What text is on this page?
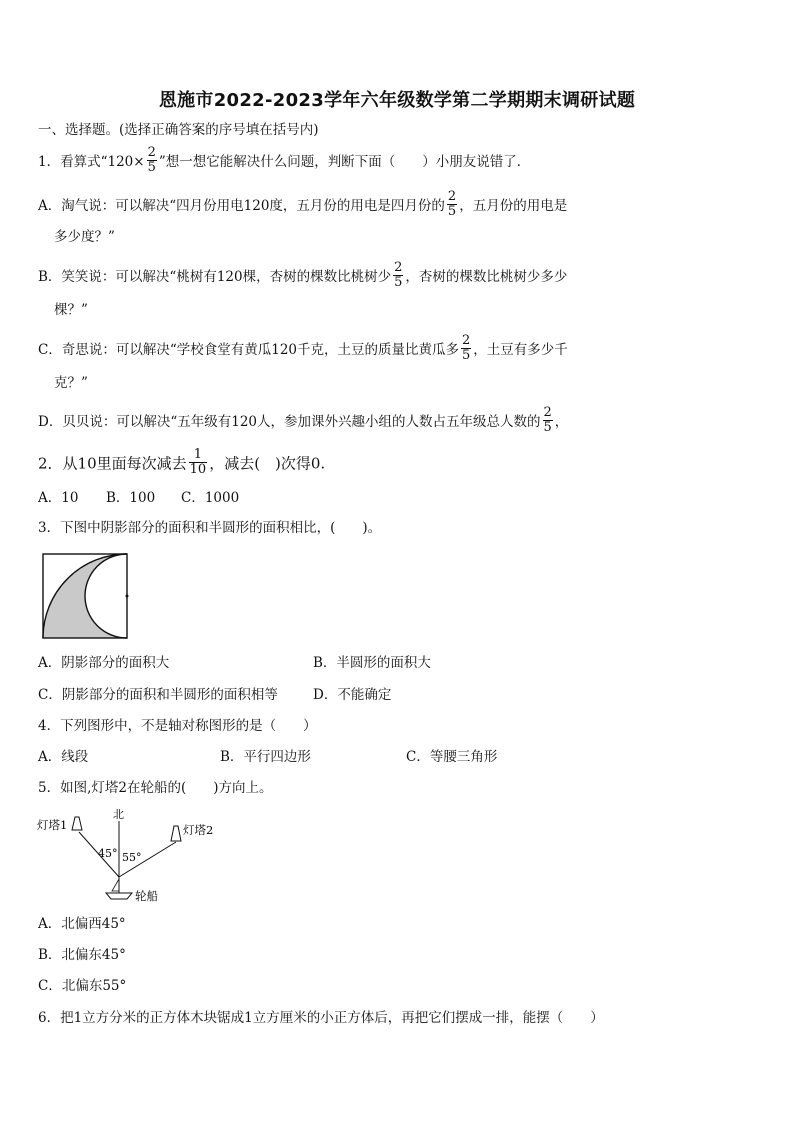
恩施市2022-2023学年六年级数学第二学期期末调研试题
一、选择题。(选择正确答案的序号填在括号内)
1．看算式“$120\times \frac{2}{5}$ ”想一想它能解决什么问题，判断下面（　　）小朋友说错了．
A．淘气说：可以解决“四月份用电120度，五月份的用电是四月份的 $\frac{2}{5}$ ，五月份的用电是
多少度？”
B．笑笑说：可以解决“桃树有120棵，杏树的棵数比桃树少 $\frac{2}{5}$ ，杏树的棵数比桃树少多少
棵？”
C．奇思说：可以解决“学校食堂有黄瓜120千克，土豆的质量比黄瓜多 $\frac{2}{5}$ ，土豆有多少千
克？”
D．贝贝说：可以解决“五年级有120人，参加课外兴趣小组的人数占五年级总人数的 $\frac{2}{5}$ ，
2．从10里面每次减去 $\frac{1}{10}$ ，减去(　)次得0.
A．10 B．100 C．1000
3．下图中阴影部分的面积和半圆形的面积相比，(　　)。
A．阴影部分的面积大	B．半圆形的面积大
C．阴影部分的面积和半圆形的面积相等	D．不能确定
4．下列图形中，不是轴对称图形的是（　　）
A．线段	B．平行四边形	C．等腰三角形
5．如图,灯塔2在轮船的(　　)方向上。
灯塔1	灯塔2
北
45° 55°
轮船
A．北偏西45°
B．北偏东45°
C．北偏东55°
6．把1立方分米的正方体木块锯成1立方厘米的小正方体后，再把它们摆成一排，能摆（　　）
